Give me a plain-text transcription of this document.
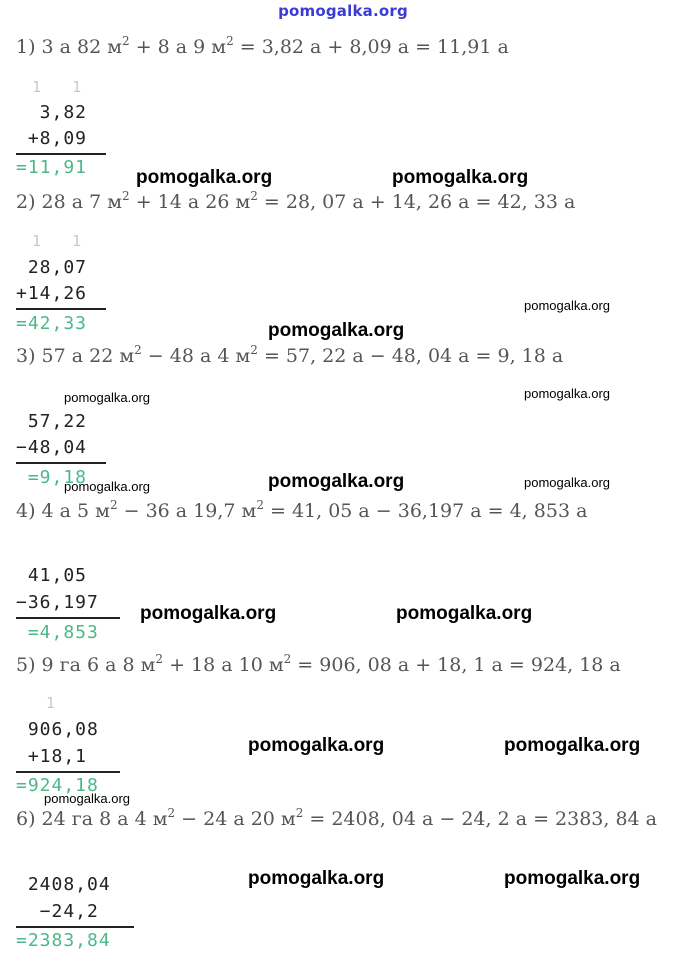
pomogalka.org
1) 3 а 82 $м^2 + 8$ а 9 $м^2 = 3,82$ а + 8,09 а = 11,91 а
1   1
3,82
+8,09
=11,91	pomogalka.org	pomogalka.org
2) 28 а 7 $м^2 + 14$ а 26 $м^2 = 28$, 07 а + 14, 26 а = 42, 33 а
1   1
28,07
+14,26
=42,33
pomogalka.org
pomogalka.org
3) 57 а 22 $м^2 - 48$ а 4 $м^2 = 57$, 22 а − 48, 04 а = 9, 18 а
pomogalka.org	pomogalka.org
57,22
−48,04
=9,18
pomogalka.org	pomogalka.org	pomogalka.org
4) 4 а 5 $м^2 - 36$ а 19,7 $м^2 = 41$, 05 а − 36,197 а = 4, 853 а
41,05
−36,197
=4,853
pomogalka.org	pomogalka.org
5) 9 га 6 а 8 $м^2 + 18$ а 10 $м^2 = 906$, 08 а + 18, 1 а = 924, 18 а
1
906,08
+18,1
=924,18
pomogalka.org	pomogalka.org
pomogalka.org
6) 24 га 8 а 4 $м^2 - 24$ а 20 $м^2 = 2408$, 04 а − 24, 2 а = 2383, 84 а
2408,04
−24,2
=2383,84
pomogalka.org	pomogalka.org
